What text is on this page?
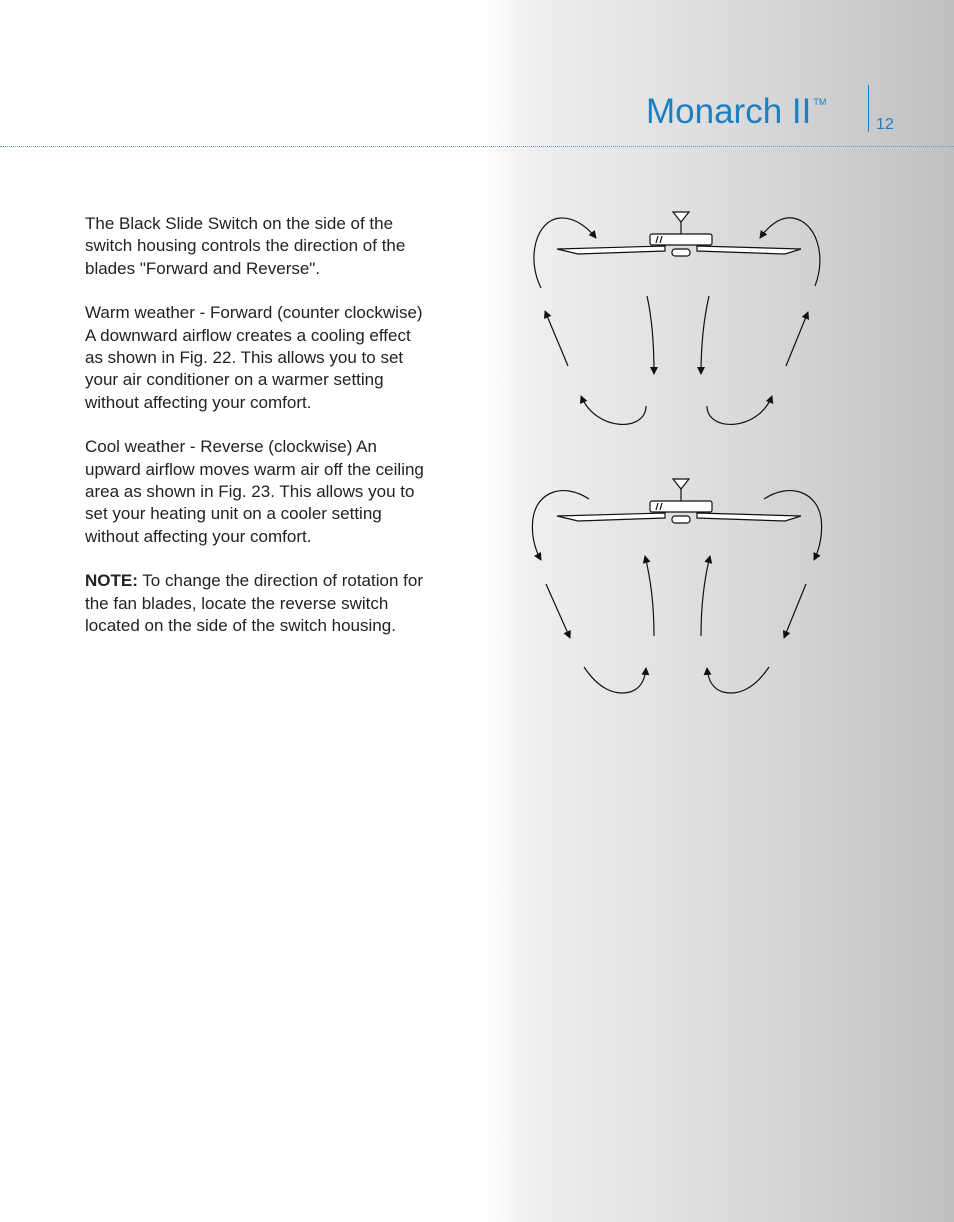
Monarch II ™
12

The Black Slide Switch on the side of the
switch housing controls the direction of the
blades "Forward and Reverse".

Warm weather - Forward (counter clockwise)
A downward airflow creates a cooling effect
as shown in Fig. 22. This allows you to set
your air conditioner on a warmer setting
without affecting your comfort.

Cool weather - Reverse (clockwise) An
upward airflow moves warm air off the ceiling
area as shown in Fig. 23. This allows you to
set your heating unit on a cooler setting
without affecting your comfort.

NOTE: To change the direction of rotation for
the fan blades, locate the reverse switch
located on the side of the switch housing.
